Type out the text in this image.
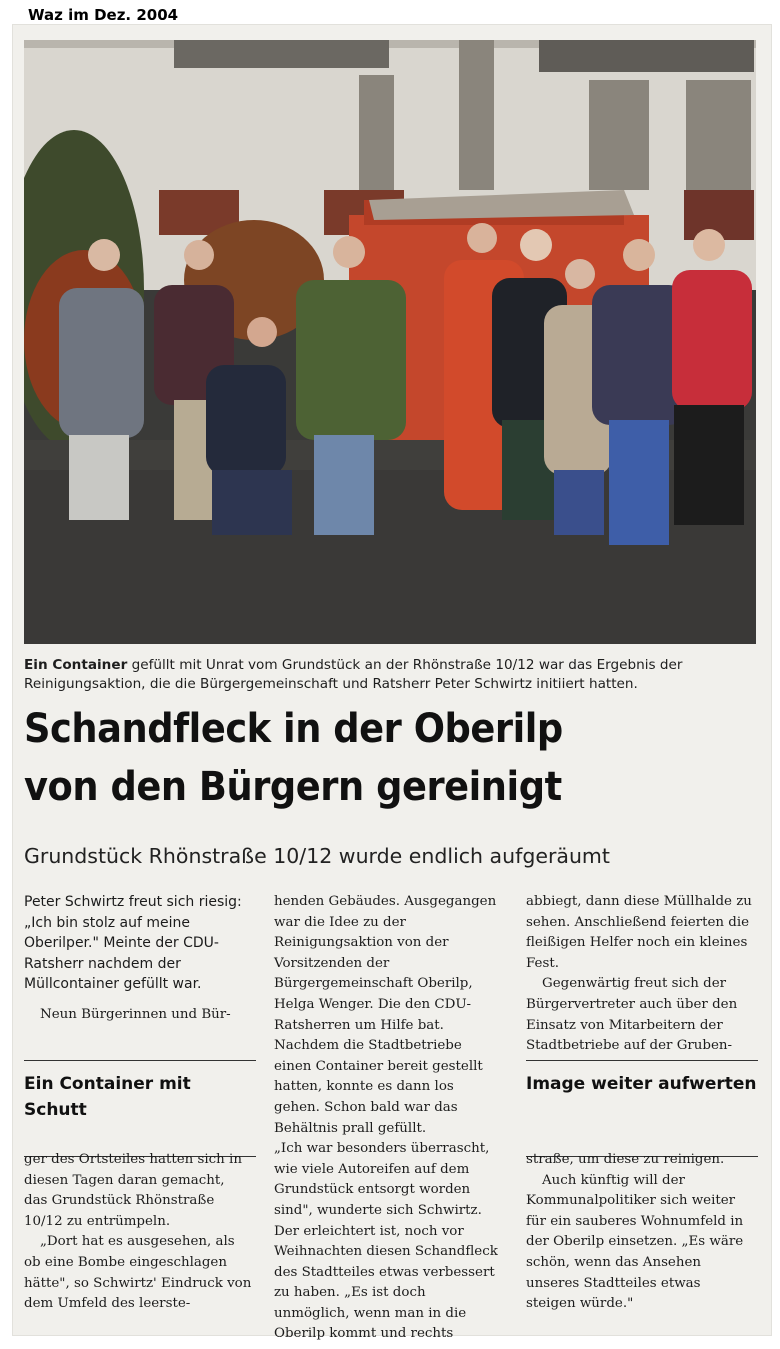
Waz im Dez. 2004
Ein Container gefüllt mit Unrat vom Grundstück an der Rhönstraße 10/12 war das Ergebnis der Reinigungsaktion, die die Bürgergemeinschaft und Ratsherr Peter Schwirtz initiiert hatten.
Schandfleck in der Oberilp
von den Bürgern gereinigt
Grundstück Rhönstraße 10/12 wurde endlich aufgeräumt

Peter Schwirtz freut sich riesig: „Ich bin stolz auf meine Oberilper." Meinte der CDU-Ratsherr nachdem der Müllcontainer gefüllt war.

Neun Bürgerinnen und Bür-

Ein Container mit Schutt

ger des Ortsteiles hatten sich in diesen Tagen daran gemacht, das Grundstück Rhönstraße 10/12 zu entrümpeln.

„Dort hat es ausgesehen, als ob eine Bombe eingeschlagen hätte", so Schwirtz' Eindruck von dem Umfeld des leerste-

henden Gebäudes. Ausgegangen war die Idee zu der Reinigungsaktion von der Vorsitzenden der Bürgergemeinschaft Oberilp, Helga Wenger. Die den CDU-Ratsherren um Hilfe bat. Nachdem die Stadtbetriebe einen Container bereit gestellt hatten, konnte es dann los gehen. Schon bald war das Behältnis prall gefüllt.

„Ich war besonders überrascht, wie viele Autoreifen auf dem Grundstück entsorgt worden sind", wunderte sich Schwirtz. Der erleichtert ist, noch vor Weihnachten diesen Schandfleck des Stadtteiles etwas verbessert zu haben. „Es ist doch unmöglich, wenn man in die Oberilp kommt und rechts

abbiegt, dann diese Müllhalde zu sehen. Anschließend feierten die fleißigen Helfer noch ein kleines Fest.

Gegenwärtig freut sich der Bürgervertreter auch über den Einsatz von Mitarbeitern der Stadtbetriebe auf der Gruben-

Image weiter aufwerten

straße, um diese zu reinigen.

Auch künftig will der Kommunalpolitiker sich weiter für ein sauberes Wohnumfeld in der Oberilp einsetzen. „Es wäre schön, wenn das Ansehen unseres Stadtteiles etwas steigen würde."
